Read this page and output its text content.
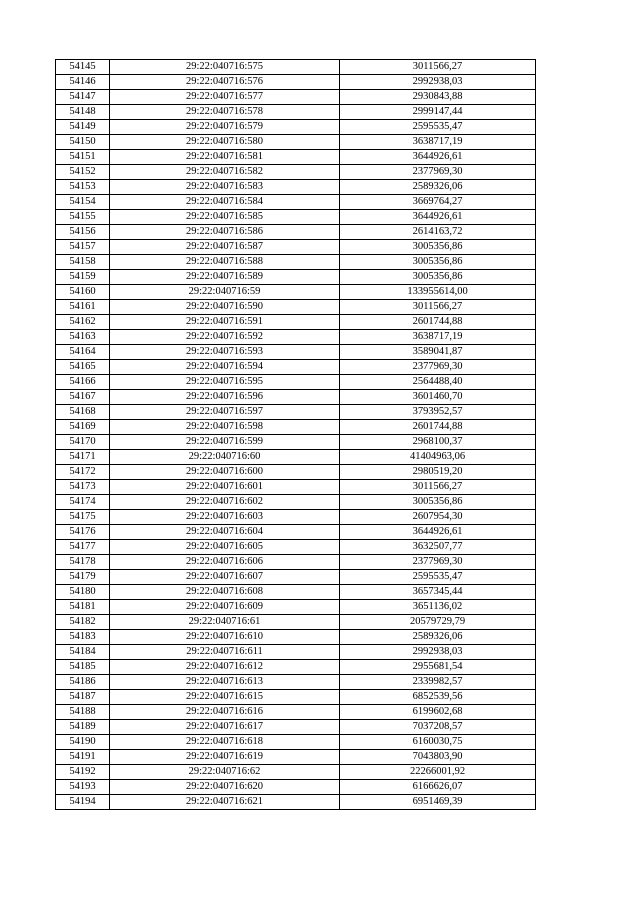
54145	29:22:040716:575	3011566,27
54146	29:22:040716:576	2992938,03
54147	29:22:040716:577	2930843,88
54148	29:22:040716:578	2999147,44
54149	29:22:040716:579	2595535,47
54150	29:22:040716:580	3638717,19
54151	29:22:040716:581	3644926,61
54152	29:22:040716:582	2377969,30
54153	29:22:040716:583	2589326,06
54154	29:22:040716:584	3669764,27
54155	29:22:040716:585	3644926,61
54156	29:22:040716:586	2614163,72
54157	29:22:040716:587	3005356,86
54158	29:22:040716:588	3005356,86
54159	29:22:040716:589	3005356,86
54160	29:22:040716:59	133955614,00
54161	29:22:040716:590	3011566,27
54162	29:22:040716:591	2601744,88
54163	29:22:040716:592	3638717,19
54164	29:22:040716:593	3589041,87
54165	29:22:040716:594	2377969,30
54166	29:22:040716:595	2564488,40
54167	29:22:040716:596	3601460,70
54168	29:22:040716:597	3793952,57
54169	29:22:040716:598	2601744,88
54170	29:22:040716:599	2968100,37
54171	29:22:040716:60	41404963,06
54172	29:22:040716:600	2980519,20
54173	29:22:040716:601	3011566,27
54174	29:22:040716:602	3005356,86
54175	29:22:040716:603	2607954,30
54176	29:22:040716:604	3644926,61
54177	29:22:040716:605	3632507,77
54178	29:22:040716:606	2377969,30
54179	29:22:040716:607	2595535,47
54180	29:22:040716:608	3657345,44
54181	29:22:040716:609	3651136,02
54182	29:22:040716:61	20579729,79
54183	29:22:040716:610	2589326,06
54184	29:22:040716:611	2992938,03
54185	29:22:040716:612	2955681,54
54186	29:22:040716:613	2339982,57
54187	29:22:040716:615	6852539,56
54188	29:22:040716:616	6199602,68
54189	29:22:040716:617	7037208,57
54190	29:22:040716:618	6160030,75
54191	29:22:040716:619	7043803,90
54192	29:22:040716:62	22266001,92
54193	29:22:040716:620	6166626,07
54194	29:22:040716:621	6951469,39
